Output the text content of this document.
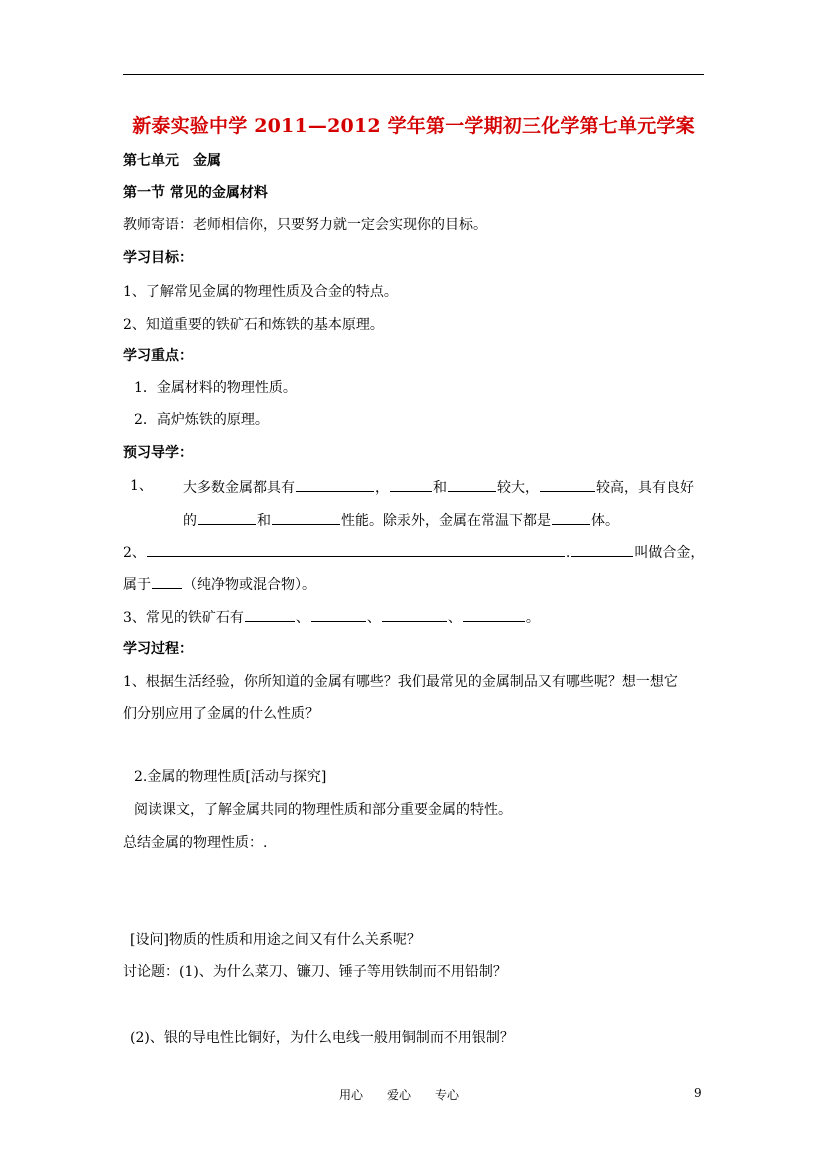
新泰实验中学 2011—2012 学年第一学期初三化学第七单元学案
第七单元　金属
第一节 常见的金属材料
教师寄语：老师相信你，只要努力就一定会实现你的目标。
学习目标：
1、了解常见金属的物理性质及合金的特点。
2、知道重要的铁矿石和炼铁的基本原理。
学习重点：
1．金属材料的物理性质。
2．高炉炼铁的原理。
预习导学：
1、 大多数金属都具有	，	和	较大，	较高，具有良好
的	和	性能。除汞外，金属在常温下都是	体。
2、	.	叫做合金，
属于 （纯净物或混合物）。
3、常见的铁矿石有	、	、	、	。
学习过程：
1、根据生活经验，你所知道的金属有哪些？我们最常见的金属制品又有哪些呢？想一想它
们分别应用了金属的什么性质？
2.金属的物理性质[活动与探究]
阅读课文，了解金属共同的物理性质和部分重要金属的特性。
总结金属的物理性质：.
[设问]物质的性质和用途之间又有什么关系呢？
讨论题：(1)、为什么菜刀、镰刀、锤子等用铁制而不用铅制？
(2)、银的导电性比铜好，为什么电线一般用铜制而不用银制？
用心　　爱心　　专心	9
